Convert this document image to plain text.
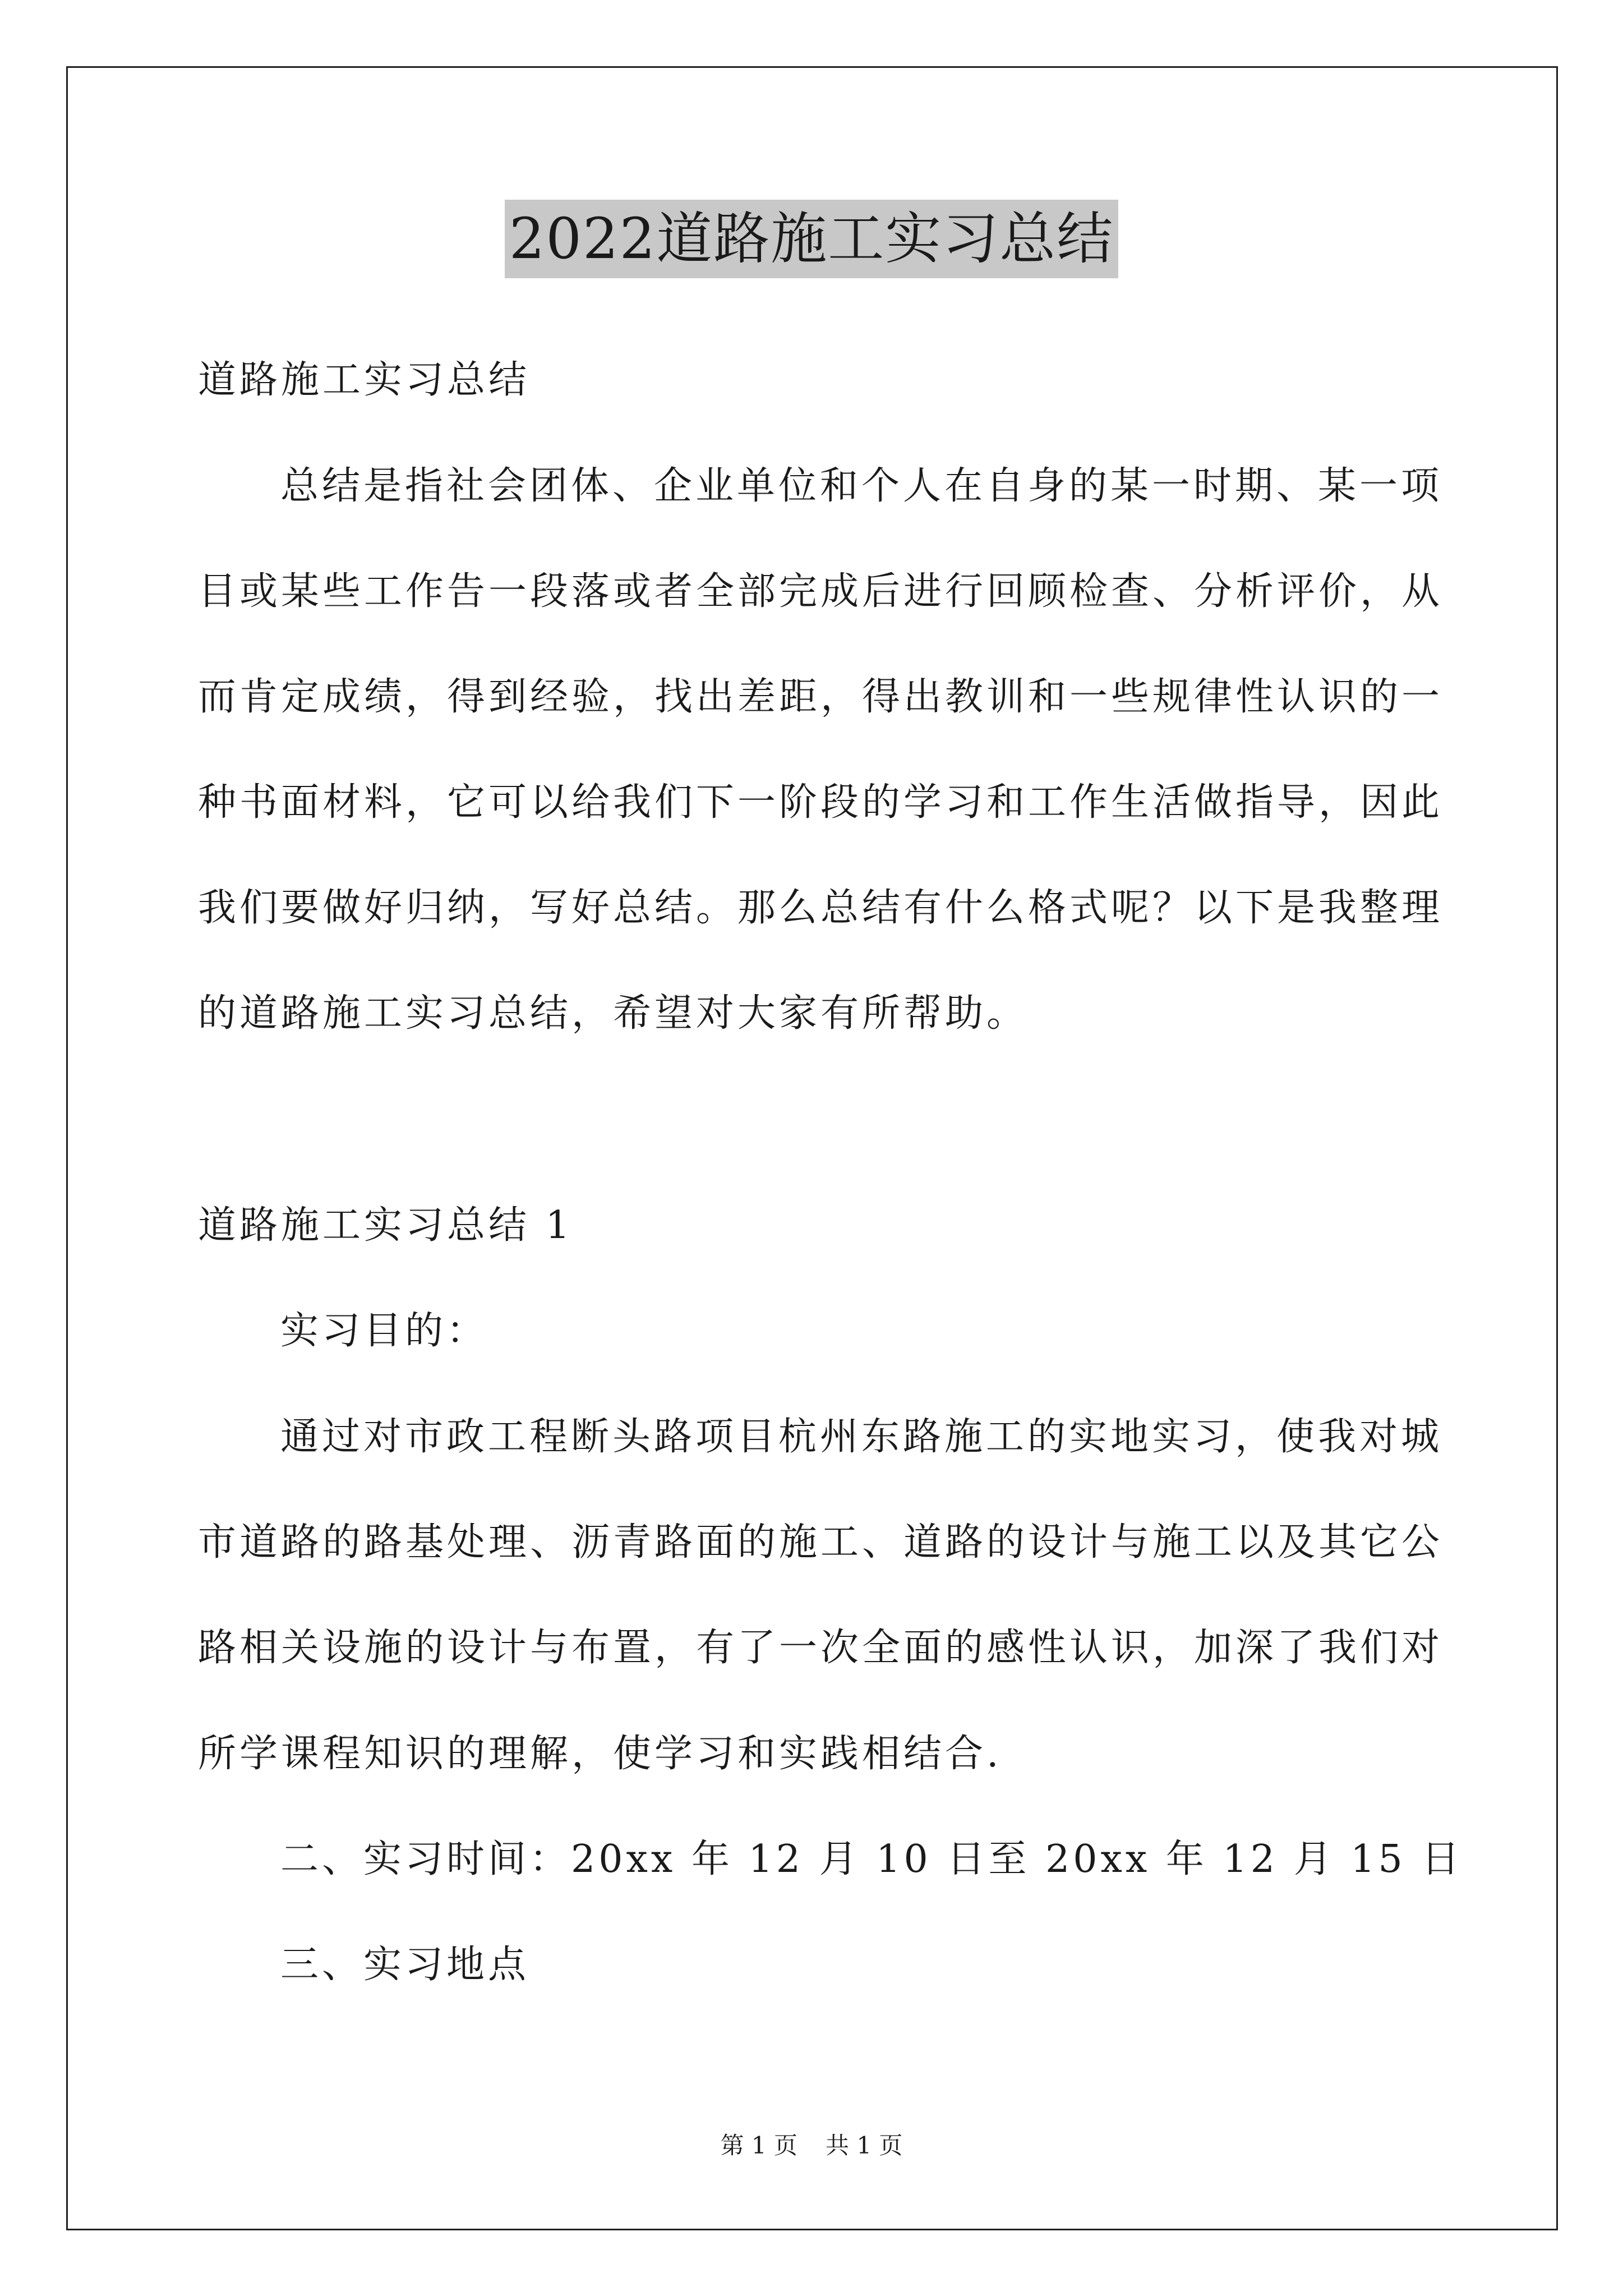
2022道路施工实习总结
道路施工实习总结
总结是指社会团体、企业单位和个人在自身的某一时期、某一项
目或某些工作告一段落或者全部完成后进行回顾检查、分析评价，从
而肯定成绩，得到经验，找出差距，得出教训和一些规律性认识的一
种书面材料，它可以给我们下一阶段的学习和工作生活做指导，因此
我们要做好归纳，写好总结。那么总结有什么格式呢？以下是我整理
的道路施工实习总结，希望对大家有所帮助。
道路施工实习总结 1
实习目的：
通过对市政工程断头路项目杭州东路施工的实地实习，使我对城
市道路的路基处理、沥青路面的施工、道路的设计与施工以及其它公
路相关设施的设计与布置，有了一次全面的感性认识，加深了我们对
所学课程知识的理解，使学习和实践相结合.
二、实习时间：20xx 年 12 月 10 日至 20xx 年 12 月 15 日
三、实习地点
第 1 页 共 1 页
